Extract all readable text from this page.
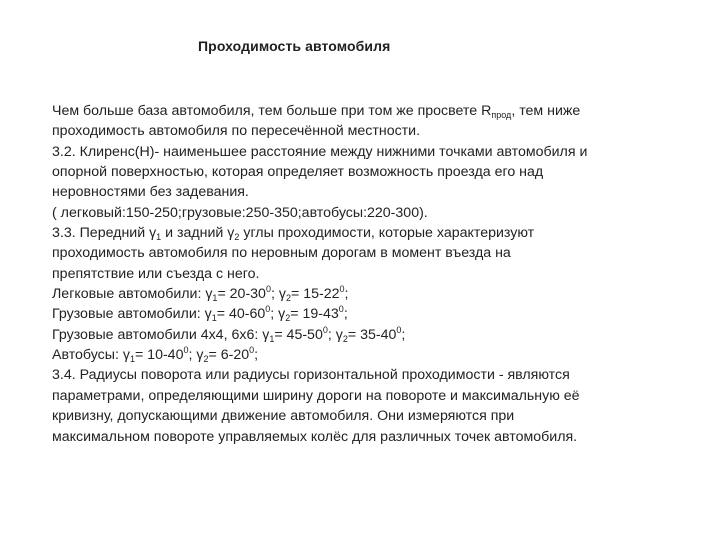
Проходимость автомобиля
Чем больше база автомобиля, тем больше при том же просвете $R_{прод}$, тем ниже
проходимость автомобиля по пересечённой местности.
3.2. Клиренс(Н)- наименьшее расстояние между нижними точками автомобиля и
опорной поверхностью, которая определяет возможность проезда его над
неровностями без задевания.
( легковый:150-250;грузовые:250-350;автобусы:220-300).
3.3. Передний $\gamma_1$ и задний $\gamma_2$ углы проходимости, которые характеризуют
проходимость автомобиля по неровным дорогам в момент въезда на
препятствие или съезда с него.
Легковые автомобили: $\gamma_1= 20-30^0$; $\gamma_2= 15-22^0$;
Грузовые автомобили: $\gamma_1= 40-60^0$; $\gamma_2= 19-43^0$;
Грузовые автомобили 4х4, 6х6: $\gamma_1= 45-50^0$; $\gamma_2= 35-40^0$;
Автобусы: $\gamma_1= 10-40^0$; $\gamma_2= 6-20^0$;
3.4. Радиусы поворота или радиусы горизонтальной проходимости - являются
параметрами, определяющими ширину дороги на повороте и максимальную её
кривизну, допускающими движение автомобиля. Они измеряются при
максимальном повороте управляемых колёс для различных точек автомобиля.
